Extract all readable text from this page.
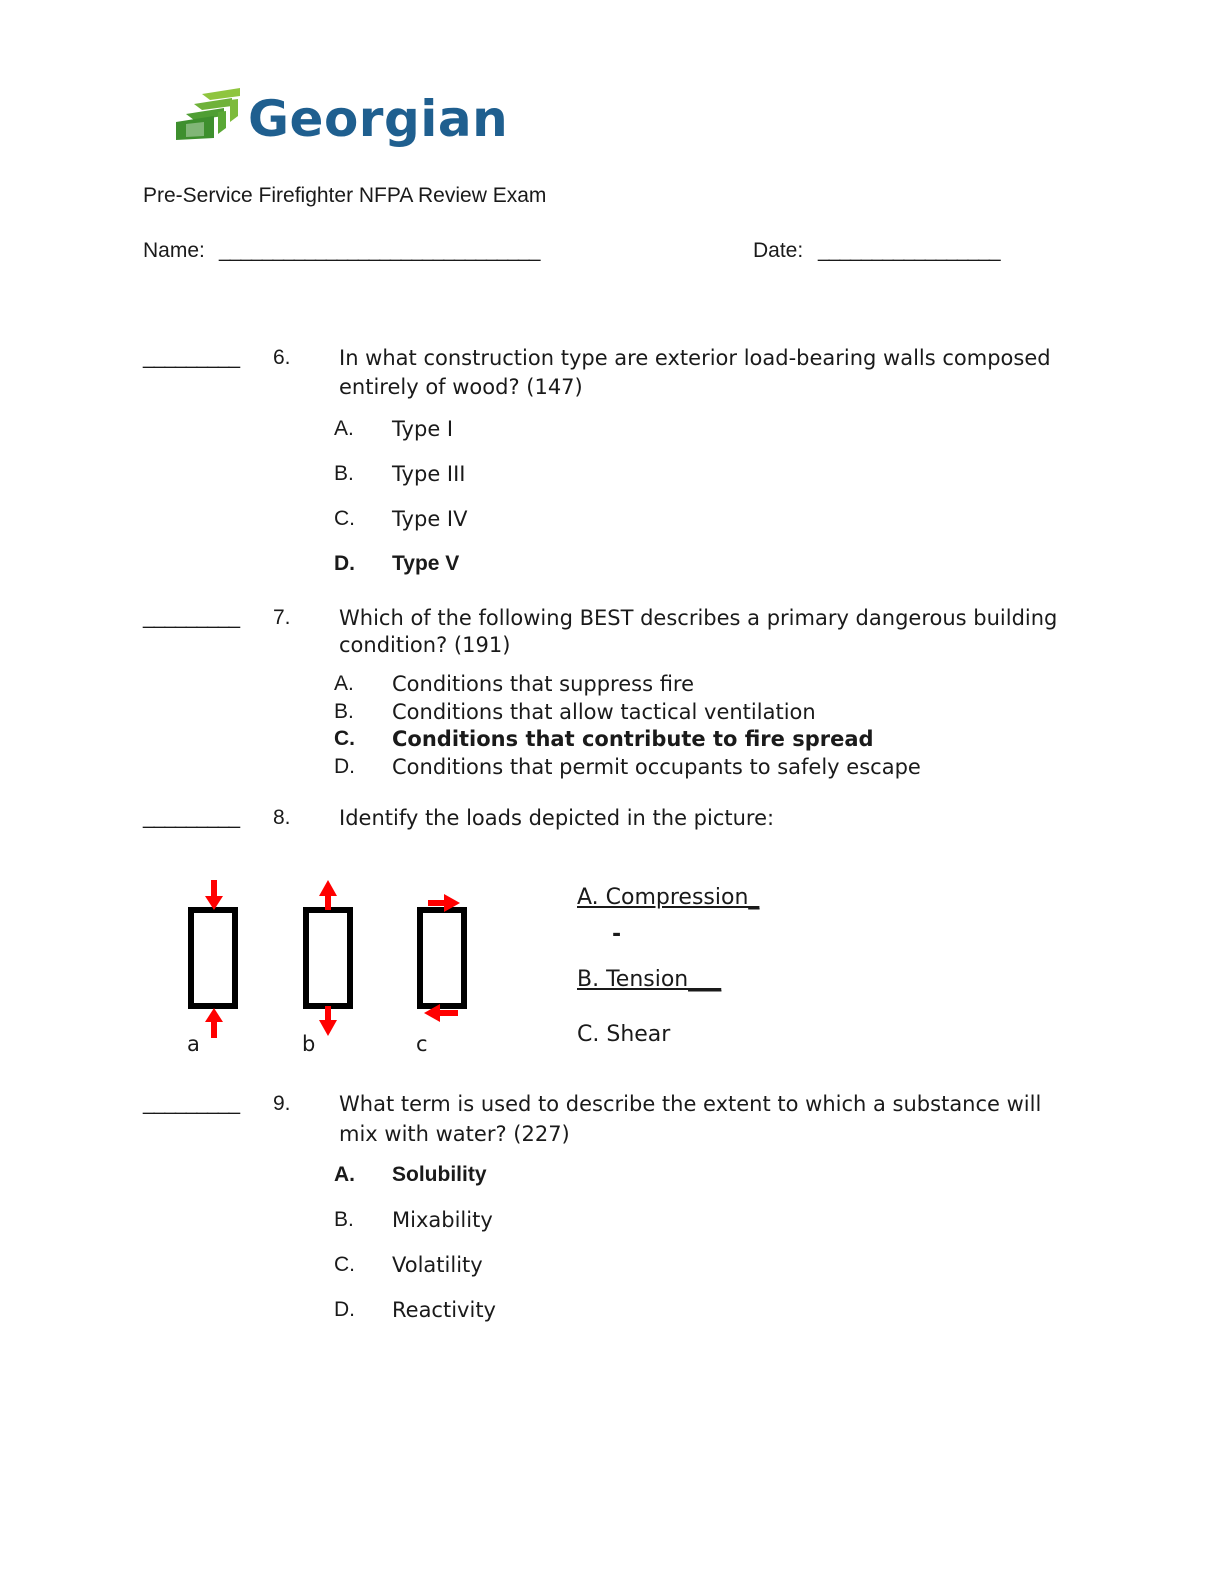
Georgian
Pre-Service Firefighter NFPA Review Exam
Name: ______________________________	Date: _________________
_________ 6. In what construction type are exterior load-bearing walls composed
entirely of wood? (147)
A. Type I
B. Type III
C. Type IV
D. Type V
_________ 7. Which of the following BEST describes a primary dangerous building
condition? (191)
A. Conditions that suppress fire
B. Conditions that allow tactical ventilation
C. Conditions that contribute to fire spread
D. Conditions that permit occupants to safely escape
_________ 8. Identify the loads depicted in the picture:
a	b	c
A. Compression_
-
B. Tension___
C. Shear
_________ 9. What term is used to describe the extent to which a substance will
mix with water? (227)
A. Solubility
B. Mixability
C. Volatility
D. Reactivity
